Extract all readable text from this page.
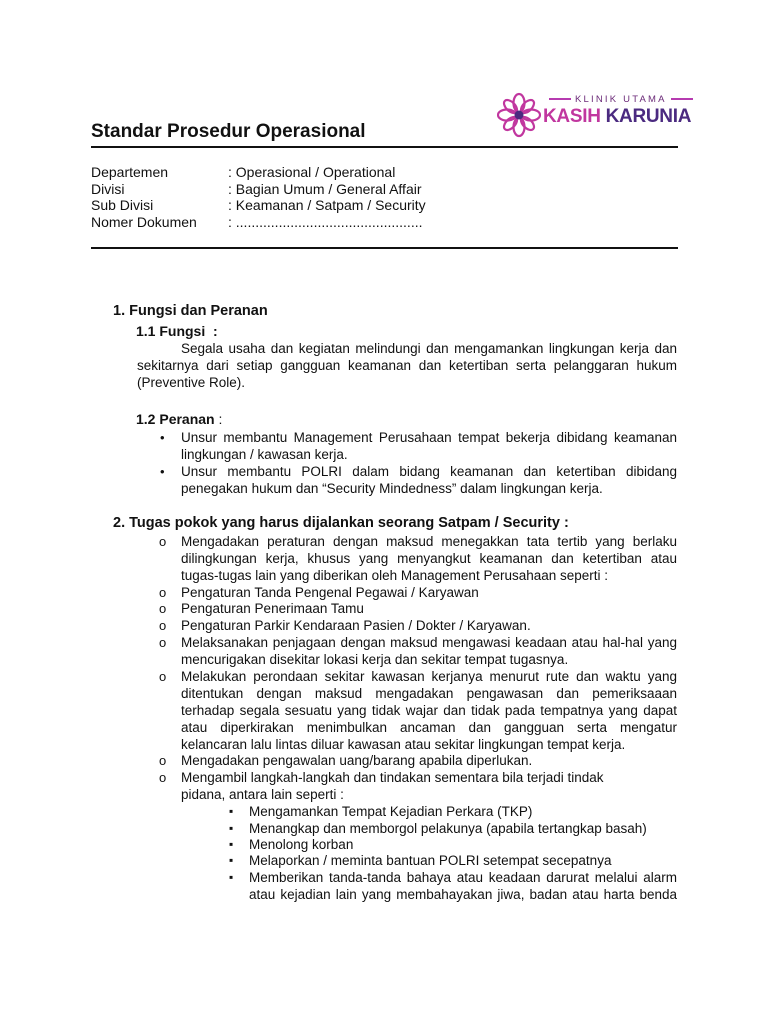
Standar Prosedur Operasional
KLINIK UTAMA
KASIH KARUNIA
Departemen	: Operasional / Operational
Divisi	: Bagian Umum / General Affair
Sub Divisi	: Keamanan / Satpam / Security
Nomer Dokumen : ................................................
1. Fungsi dan Peranan
1.1 Fungsi  :
Segala usaha dan kegiatan melindungi dan mengamankan lingkungan kerja dan sekitarnya dari setiap gangguan keamanan dan ketertiban serta pelanggaran hukum (Preventive Role).
1.2 Peranan :
• Unsur membantu Management Perusahaan tempat bekerja dibidang keamanan lingkungan / kawasan kerja.
• Unsur membantu POLRI dalam bidang keamanan dan ketertiban dibidang penegakan hukum dan “Security Mindedness” dalam lingkungan kerja.
2. Tugas pokok yang harus dijalankan seorang Satpam / Security :
o Mengadakan peraturan dengan maksud menegakkan tata tertib yang berlaku dilingkungan kerja, khusus yang menyangkut keamanan dan ketertiban atau tugas-tugas lain yang diberikan oleh Management Perusahaan seperti :
o Pengaturan Tanda Pengenal Pegawai / Karyawan
o Pengaturan Penerimaan Tamu
o Pengaturan Parkir Kendaraan Pasien / Dokter / Karyawan.
o Melaksanakan penjagaan dengan maksud mengawasi keadaan atau hal-hal yang mencurigakan disekitar lokasi kerja dan sekitar tempat tugasnya.
o Melakukan perondaan sekitar kawasan kerjanya menurut rute dan waktu yang ditentukan dengan maksud mengadakan pengawasan dan pemeriksaaan terhadap segala sesuatu yang tidak wajar dan tidak pada tempatnya yang dapat atau diperkirakan menimbulkan ancaman dan gangguan serta mengatur kelancaran lalu lintas diluar kawasan atau sekitar lingkungan tempat kerja.
o Mengadakan pengawalan uang/barang apabila diperlukan.
o Mengambil langkah-langkah dan tindakan sementara bila terjadi tindak pidana, antara lain seperti :
▪ Mengamankan Tempat Kejadian Perkara (TKP)
▪ Menangkap dan memborgol pelakunya (apabila tertangkap basah)
▪ Menolong korban
▪ Melaporkan / meminta bantuan POLRI setempat secepatnya
▪ Memberikan tanda-tanda bahaya atau keadaan darurat melalui alarm atau kejadian lain yang membahayakan jiwa, badan atau harta benda
